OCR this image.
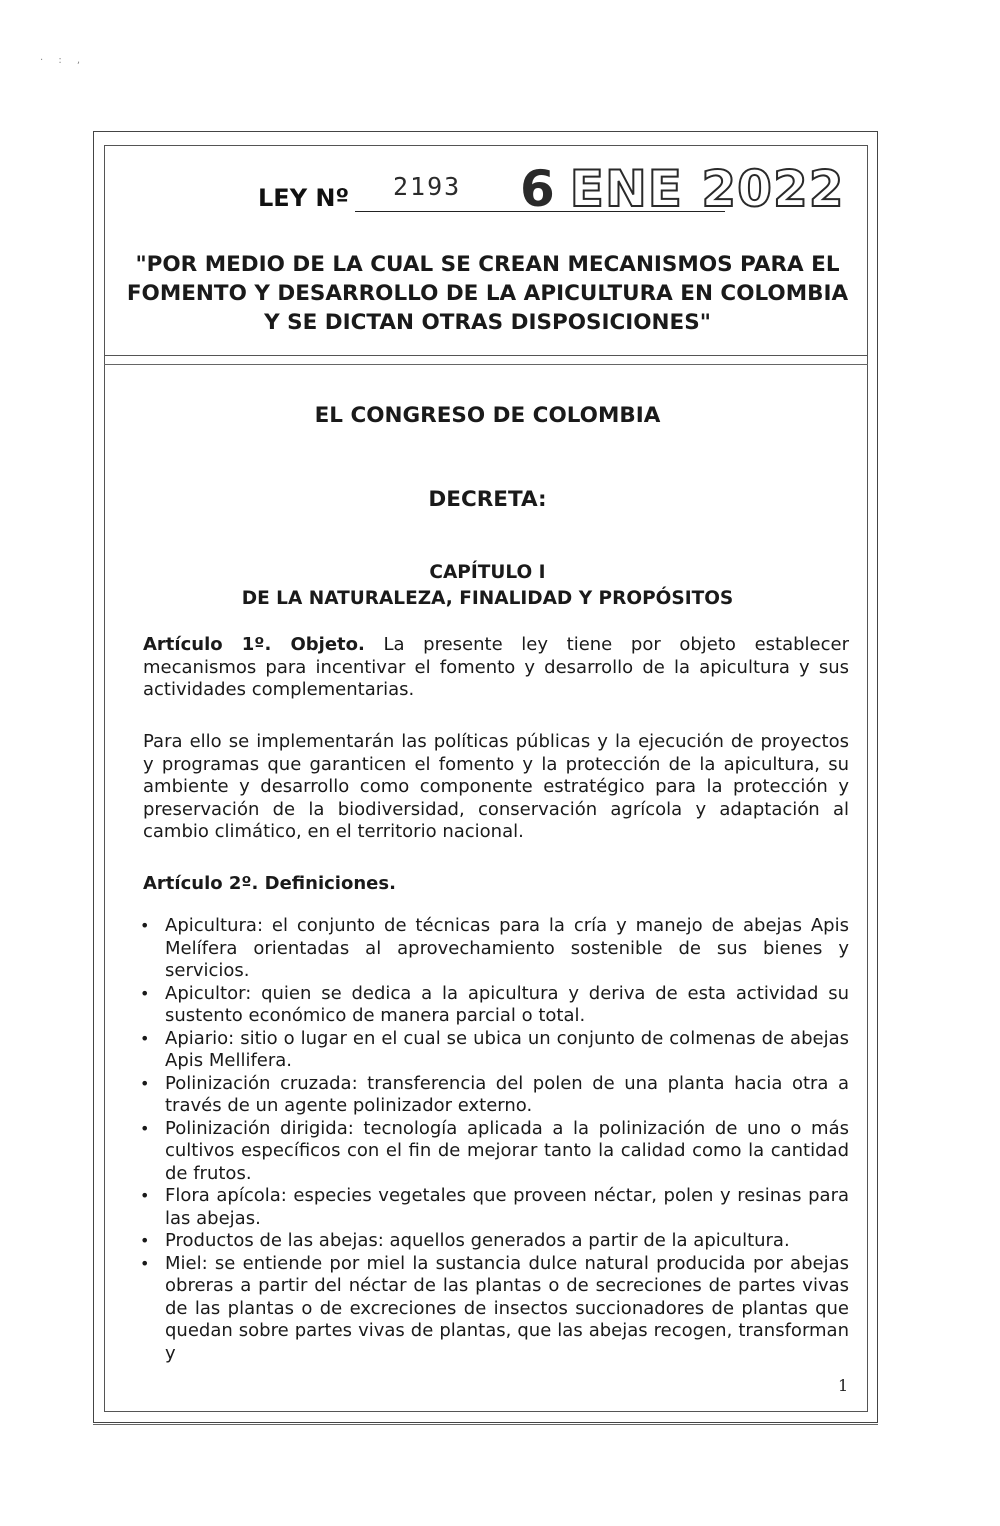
· : ,
LEY Nº 2193 6 ENE 2022
"POR MEDIO DE LA CUAL SE CREAN MECANISMOS PARA EL
FOMENTO Y DESARROLLO DE LA APICULTURA EN COLOMBIA
Y SE DICTAN OTRAS DISPOSICIONES"
EL CONGRESO DE COLOMBIA
DECRETA:
CAPÍTULO I
DE LA NATURALEZA, FINALIDAD Y PROPÓSITOS

Artículo 1º. Objeto. La presente ley tiene por objeto establecer mecanismos para incentivar el fomento y desarrollo de la apicultura y sus actividades complementarias.

Para ello se implementarán las políticas públicas y la ejecución de proyectos y programas que garanticen el fomento y la protección de la apicultura, su ambiente y desarrollo como componente estratégico para la protección y preservación de la biodiversidad, conservación agrícola y adaptación al cambio climático, en el territorio nacional.

Artículo 2º. Definiciones.

• Apicultura: el conjunto de técnicas para la cría y manejo de abejas Apis Melífera orientadas al aprovechamiento sostenible de sus bienes y servicios.
• Apicultor: quien se dedica a la apicultura y deriva de esta actividad su sustento económico de manera parcial o total.
• Apiario: sitio o lugar en el cual se ubica un conjunto de colmenas de abejas Apis Mellifera.
• Polinización cruzada: transferencia del polen de una planta hacia otra a través de un agente polinizador externo.
• Polinización dirigida: tecnología aplicada a la polinización de uno o más cultivos específicos con el fin de mejorar tanto la calidad como la cantidad de frutos.
• Flora apícola: especies vegetales que proveen néctar, polen y resinas para las abejas.
• Productos de las abejas: aquellos generados a partir de la apicultura.
• Miel: se entiende por miel la sustancia dulce natural producida por abejas obreras a partir del néctar de las plantas o de secreciones de partes vivas de las plantas o de excreciones de insectos succionadores de plantas que quedan sobre partes vivas de plantas, que las abejas recogen, transforman y
1
